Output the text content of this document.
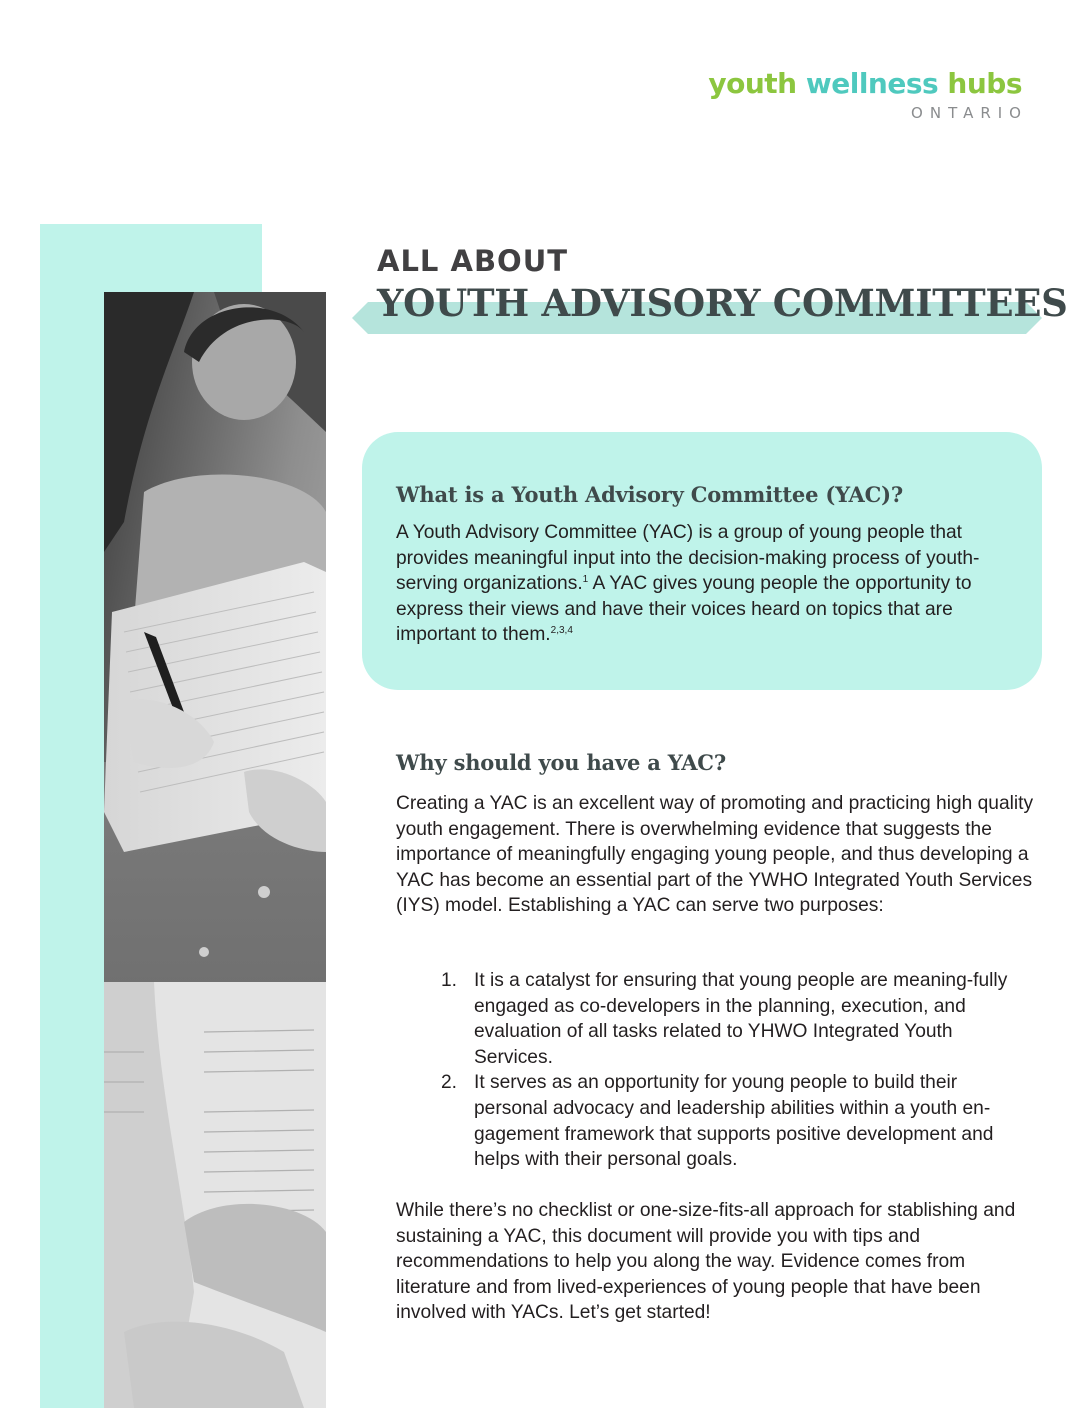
youth wellness hubs
ONTARIO
ALL ABOUT
YOUTH ADVISORY COMMITTEES
What is a Youth Advisory Committee (YAC)?
A Youth Advisory Committee (YAC) is a group of young people that provides meaningful input into the decision-making process of youth-serving organizations.$^1$ A YAC gives young people the opportunity to express their views and have their voices heard on topics that are important to them.$^{2,3,4}$
Why should you have a YAC?
Creating a YAC is an excellent way of promoting and practicing high quality youth engagement. There is overwhelming evidence that suggests the importance of meaningfully engaging young people, and thus developing a YAC has become an essential part of the YWHO Integrated Youth Services (IYS) model. Establishing a YAC can serve two purposes:
1. It is a catalyst for ensuring that young people are meaning-fully engaged as co-developers in the planning, execution, and evaluation of all tasks related to YHWO Integrated Youth Services.
2. It serves as an opportunity for young people to build their personal advocacy and leadership abilities within a youth en-gagement framework that supports positive development and helps with their personal goals.
While there’s no checklist or one-size-fits-all approach for stablishing and sustaining a YAC, this document will provide you with tips and recommendations to help you along the way. Evidence comes from literature and from lived-experiences of young people that have been involved with YACs. Let’s get started!
